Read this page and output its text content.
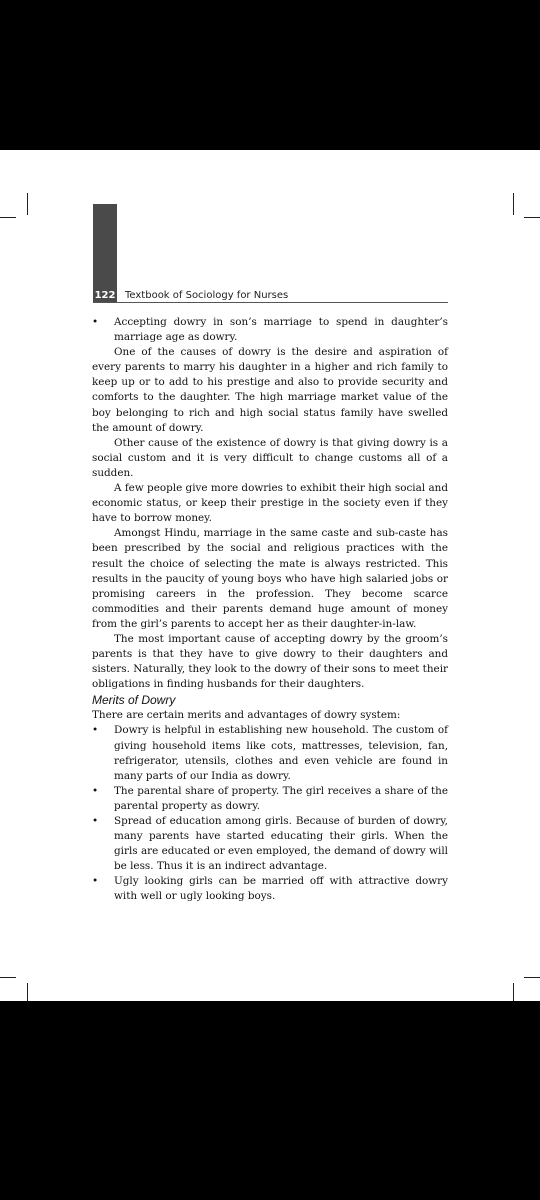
122 Textbook of Sociology for Nurses
• Accepting dowry in son’s marriage to spend in daughter’s marriage age as dowry.

One of the causes of dowry is the desire and aspiration of every parents to marry his daughter in a higher and rich family to keep up or to add to his prestige and also to provide security and comforts to the daughter. The high marriage market value of the boy belonging to rich and high social status family have swelled the amount of dowry.

Other cause of the existence of dowry is that giving dowry is a social custom and it is very difficult to change customs all of a sudden.

A few people give more dowries to exhibit their high social and economic status, or keep their prestige in the society even if they have to borrow money.

Amongst Hindu, marriage in the same caste and sub-caste has been prescribed by the social and religious practices with the result the choice of selecting the mate is always restricted. This results in the paucity of young boys who have high salaried jobs or promising careers in the profession. They become scarce commodities and their parents demand huge amount of money from the girl’s parents to accept her as their daughter-in-law.

The most important cause of accepting dowry by the groom’s parents is that they have to give dowry to their daughters and sisters. Naturally, they look to the dowry of their sons to meet their obligations in finding husbands for their daughters.

Merits of Dowry

There are certain merits and advantages of dowry system:

• Dowry is helpful in establishing new household. The custom of giving household items like cots, mattresses, television, fan, refrigerator, utensils, clothes and even vehicle are found in many parts of our India as dowry.
• The parental share of property. The girl receives a share of the parental property as dowry.
• Spread of education among girls. Because of burden of dowry, many parents have started educating their girls. When the girls are educated or even employed, the demand of dowry will be less. Thus it is an indirect advantage.
• Ugly looking girls can be married off with attractive dowry with well or ugly looking boys.
